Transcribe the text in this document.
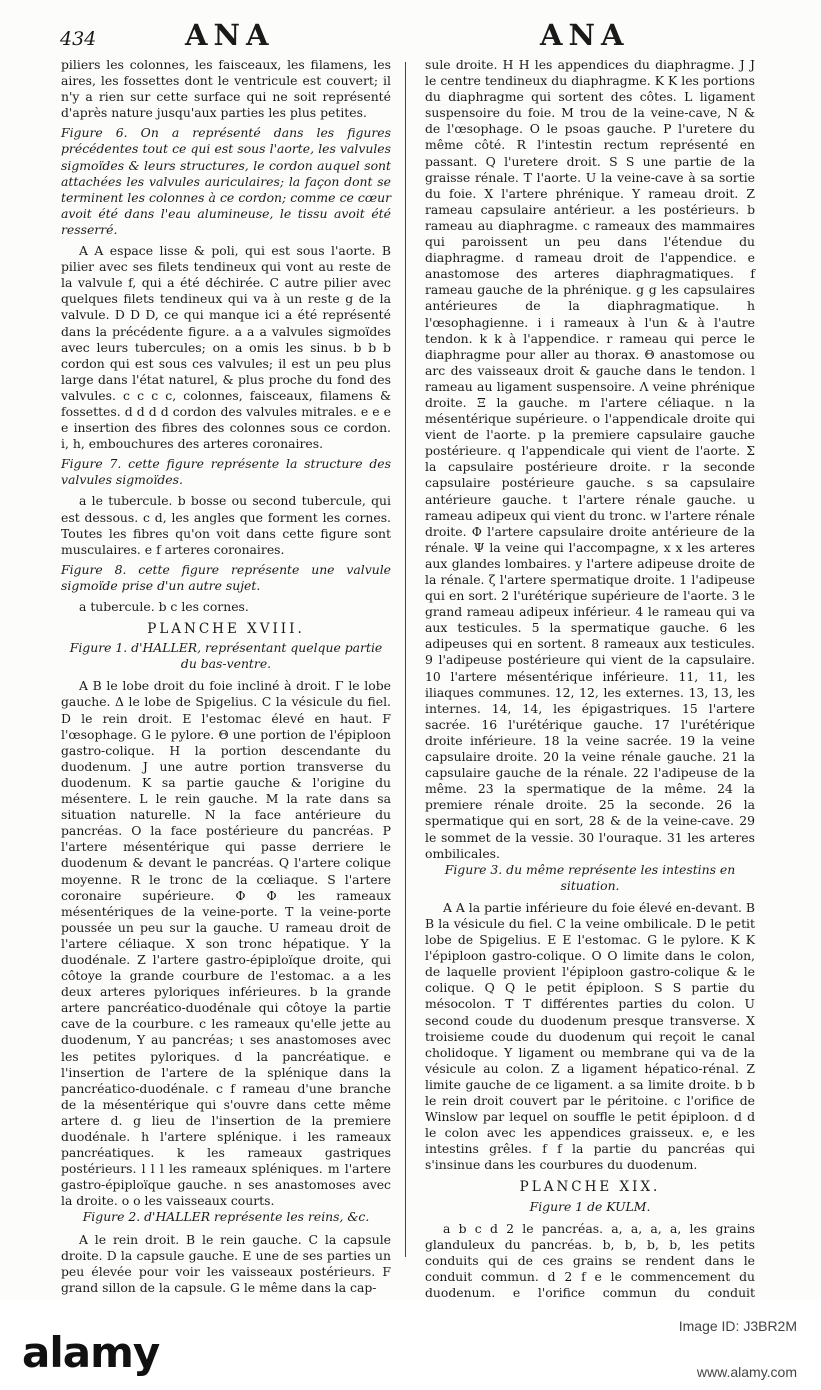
434	ANA	ANA

piliers les colonnes, les faisceaux, les filamens, les aires, les fossettes dont le ventricule est couvert; il n'y a rien sur cette surface qui ne soit représenté d'après nature jusqu'aux parties les plus petites.

Figure 6. On a représenté dans les figures précédentes tout ce qui est sous l'aorte, les valvules sigmoïdes & leurs structures, le cordon auquel sont attachées les valvules auriculaires; la façon dont se terminent les colonnes à ce cordon; comme ce cœur avoit été dans l'eau alumineuse, le tissu avoit été resserré.

A A espace lisse & poli, qui est sous l'aorte. B pilier avec ses filets tendineux qui vont au reste de la valvule f, qui a été déchirée. C autre pilier avec quelques filets tendineux qui va à un reste g de la valvule. D D D, ce qui manque ici a été représenté dans la précédente figure. a a a valvules sigmoïdes avec leurs tubercules; on a omis les sinus. b b b cordon qui est sous ces valvules; il est un peu plus large dans l'état naturel, & plus proche du fond des valvules. c c c c, colonnes, faisceaux, filamens & fossettes. d d d d cordon des valvules mitrales. e e e e insertion des fibres des colonnes sous ce cordon. i, h, embouchures des arteres coronaires.

Figure 7. cette figure représente la structure des valvules sigmoïdes.

a le tubercule. b bosse ou second tubercule, qui est dessous. c d, les angles que forment les cornes. Toutes les fibres qu'on voit dans cette figure sont musculaires. e f arteres coronaires.

Figure 8. cette figure représente une valvule sigmoïde prise d'un autre sujet.

a tubercule. b c les cornes.

PLANCHE XVIII.

Figure 1. d'HALLER, représentant quelque partie du bas-ventre.

A B le lobe droit du foie incliné à droit. Γ le lobe gauche. Δ le lobe de Spigelius. C la vésicule du fiel. D le rein droit. E l'estomac élevé en haut. F l'œsophage. G le pylore. Θ une portion de l'épiploon gastro-colique. H la portion descendante du duodenum. J une autre portion transverse du duodenum. K sa partie gauche & l'origine du mésentere. L le rein gauche. M la rate dans sa situation naturelle. N la face antérieure du pancréas. O la face postérieure du pancréas. P l'artere mésentérique qui passe derriere le duodenum & devant le pancréas. Q l'artere colique moyenne. R le tronc de la cœliaque. S l'artere coronaire supérieure. Φ Φ les rameaux mésentériques de la veine-porte. T la veine-porte poussée un peu sur la gauche. U rameau droit de l'artere céliaque. X son tronc hépatique. Y la duodénale. Z l'artere gastro-épiploïque droite, qui côtoye la grande courbure de l'estomac. a a les deux arteres pyloriques inférieures. b la grande artere pancréatico-duodénale qui côtoye la partie cave de la courbure. c les rameaux qu'elle jette au duodenum, Y au pancréas; ι ses anastomoses avec les petites pyloriques. d la pancréatique. e l'insertion de l'artere de la splénique dans la pancréatico-duodénale. c f rameau d'une branche de la mésentérique qui s'ouvre dans cette même artere d. g lieu de l'insertion de la premiere duodénale. h l'artere splénique. i les rameaux pancréatiques. k les rameaux gastriques postérieurs. l l l les rameaux spléniques. m l'artere gastro-épiploïque gauche. n ses anastomoses avec la droite. o o les vaisseaux courts.

Figure 2. d'HALLER représente les reins, &c.

A le rein droit. B le rein gauche. C la capsule droite. D la capsule gauche. E une de ses parties un peu élevée pour voir les vaisseaux postérieurs. F grand sillon de la capsule. G le même dans la cap-

sule droite. H H les appendices du diaphragme. J J le centre tendineux du diaphragme. K K les portions du diaphragme qui sortent des côtes. L ligament suspensoire du foie. M trou de la veine-cave, N & de l'œsophage. O le psoas gauche. P l'uretere du même côté. R l'intestin rectum représenté en passant. Q l'uretere droit. S S une partie de la graisse rénale. T l'aorte. U la veine-cave à sa sortie du foie. X l'artere phrénique. Y rameau droit. Z rameau capsulaire antérieur. a les postérieurs. b rameau au diaphragme. c rameaux des mammaires qui paroissent un peu dans l'étendue du diaphragme. d rameau droit de l'appendice. e anastomose des arteres diaphragmatiques. f rameau gauche de la phrénique. g g les capsulaires antérieures de la diaphragmatique. h l'œsophagienne. i i rameaux à l'un & à l'autre tendon. k k à l'appendice. r rameau qui perce le diaphragme pour aller au thorax. Θ anastomose ou arc des vaisseaux droit & gauche dans le tendon. l rameau au ligament suspensoire. Λ veine phrénique droite. Ξ la gauche. m l'artere céliaque. n la mésentérique supérieure. o l'appendicale droite qui vient de l'aorte. p la premiere capsulaire gauche postérieure. q l'appendicale qui vient de l'aorte. Σ la capsulaire postérieure droite. r la seconde capsulaire postérieure gauche. s sa capsulaire antérieure gauche. t l'artere rénale gauche. u rameau adipeux qui vient du tronc. w l'artere rénale droite. Φ l'artere capsulaire droite antérieure de la rénale. Ψ la veine qui l'accompagne, x x les arteres aux glandes lombaires. y l'artere adipeuse droite de la rénale. ζ l'artere spermatique droite. 1 l'adipeuse qui en sort. 2 l'urétérique supérieure de l'aorte. 3 le grand rameau adipeux inférieur. 4 le rameau qui va aux testicules. 5 la spermatique gauche. 6 les adipeuses qui en sortent. 8 rameaux aux testicules. 9 l'adipeuse postérieure qui vient de la capsulaire. 10 l'artere mésentérique inférieure. 11, 11, les iliaques communes. 12, 12, les externes. 13, 13, les internes. 14, 14, les épigastriques. 15 l'artere sacrée. 16 l'urétérique gauche. 17 l'urétérique droite inférieure. 18 la veine sacrée. 19 la veine capsulaire droite. 20 la veine rénale gauche. 21 la capsulaire gauche de la rénale. 22 l'adipeuse de la même. 23 la spermatique de la même. 24 la premiere rénale droite. 25 la seconde. 26 la spermatique qui en sort, 28 & de la veine-cave. 29 le sommet de la vessie. 30 l'ouraque. 31 les arteres ombilicales.

Figure 3. du même représente les intestins en situation.

A A la partie inférieure du foie élevé en-devant. B B la vésicule du fiel. C la veine ombilicale. D le petit lobe de Spigelius. E E l'estomac. G le pylore. K K l'épiploon gastro-colique. O O limite dans le colon, de laquelle provient l'épiploon gastro-colique & le colique. Q Q le petit épiploon. S S partie du mésocolon. T T différentes parties du colon. U second coude du duodenum presque transverse. X troisieme coude du duodenum qui reçoit le canal cholidoque. Y ligament ou membrane qui va de la vésicule au colon. Z a ligament hépatico-rénal. Z limite gauche de ce ligament. a sa limite droite. b b le rein droit couvert par le péritoine. c l'orifice de Winslow par lequel on souffle le petit épiploon. d d le colon avec les appendices graisseux. e, e les intestins grêles. f f la partie du pancréas qui s'insinue dans les courbures du duodenum.

PLANCHE XIX.

Figure 1 de KULM.

a b c d 2 le pancréas. a, a, a, a, les grains glanduleux du pancréas. b, b, b, b, les petits conduits qui de ces grains se rendent dans le conduit commun. d 2 f e le commencement du duodenum. e l'orifice commun du conduit

alamy
Image ID: J3BR2M
www.alamy.com
